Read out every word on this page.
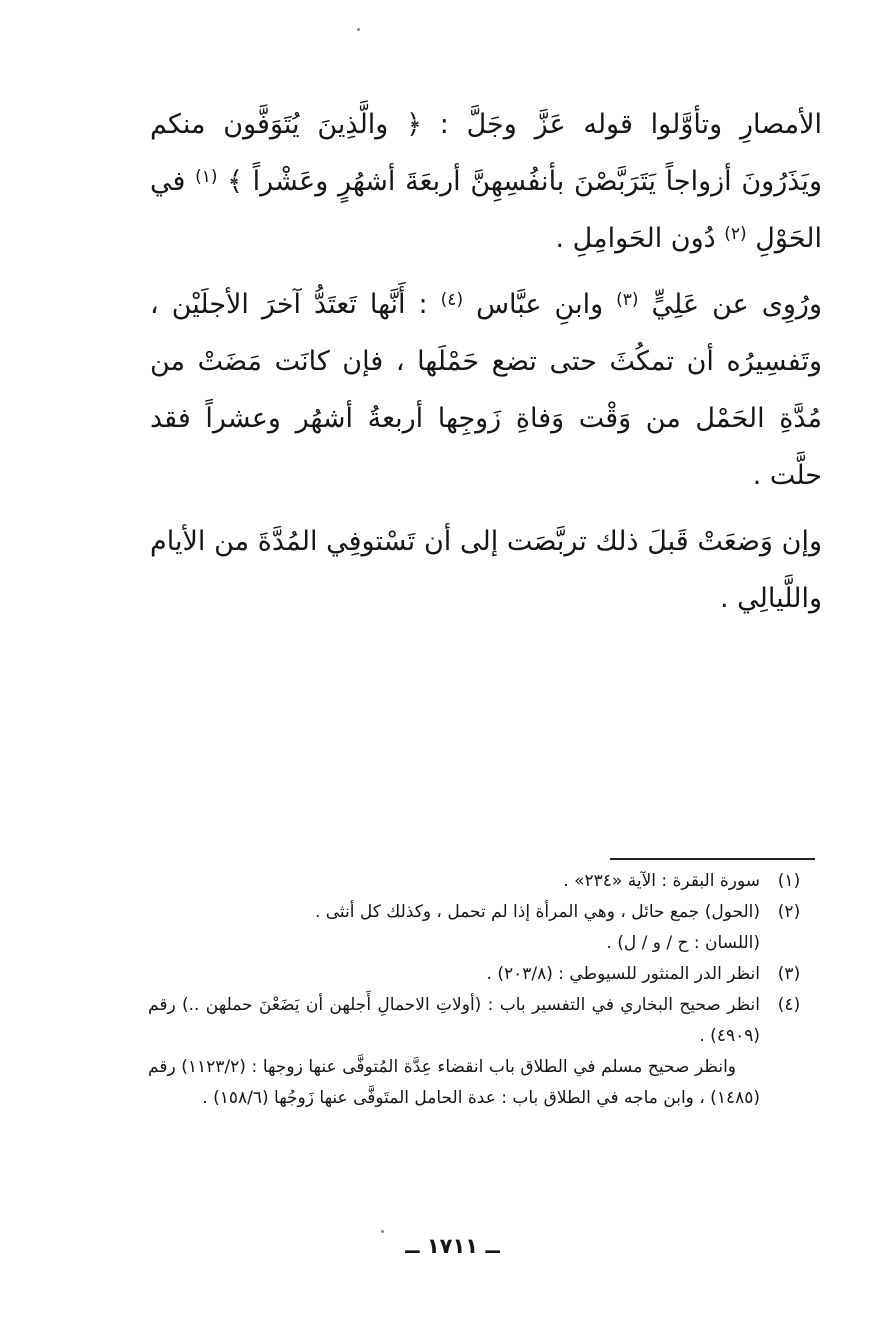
الأمصارِ وتأوَّلوا قوله عَزَّ وجَلَّ : ﴿ والَّذِينَ يُتَوَفَّون منكم ويَذَرُونَ أزواجاً يَتَرَبَّصْنَ بأنفُسِهِنَّ أربعَةَ أشهُرٍ وعَشْراً ﴾ $^{(١)}$ في الحَوْلِ $^{(٢)}$ دُون الحَوامِلِ .

ورُوِى عن عَلِيٍّ $^{(٣)}$ وابنِ عبَّاس $^{(٤)}$ : أَنَّها تَعتَدُّ آخرَ الأجلَيْن ، وتَفسِيرُه أن تمكُثَ حتى تضع حَمْلَها ، فإن كانَت مَضَتْ من مُدَّةِ الحَمْل من وَقْت وَفاةِ زَوجِها أربعةُ أشهُر وعشراً فقد حلَّت .

وإن وَضعَتْ قَبلَ ذلك تربَّصَت إلى أن تَسْتوفِي المُدَّةَ من الأيام واللَّيالِي .

(١)
سورة البقرة : الآية «٢٣٤» .
(٢)
(الحول) جمع حائل ، وهي المرأة إذا لم تحمل ، وكذلك كل أنثى .
(اللسان : ح / و / ل) .
(٣)
انظر الدر المنثور للسيوطي : (٢٠٣/٨) .
(٤)
انظر صحيح البخاري في التفسير باب : (أولاتِ الاحمالِ أَجلهن أن يَضَعْنَ حملهن ..) رقم (٤٩٠٩) .
وانظر صحيح مسلم في الطلاق باب انقضاء عِدَّة المُتوفَّى عنها زوجها : (١١٢٣/٢) رقم (١٤٨٥) ، وابن ماجه في الطلاق باب : عدة الحامل المتَوفَّى عنها زَوجُها (١٥٨/٦) .
ــ ١٧١١ ــ
